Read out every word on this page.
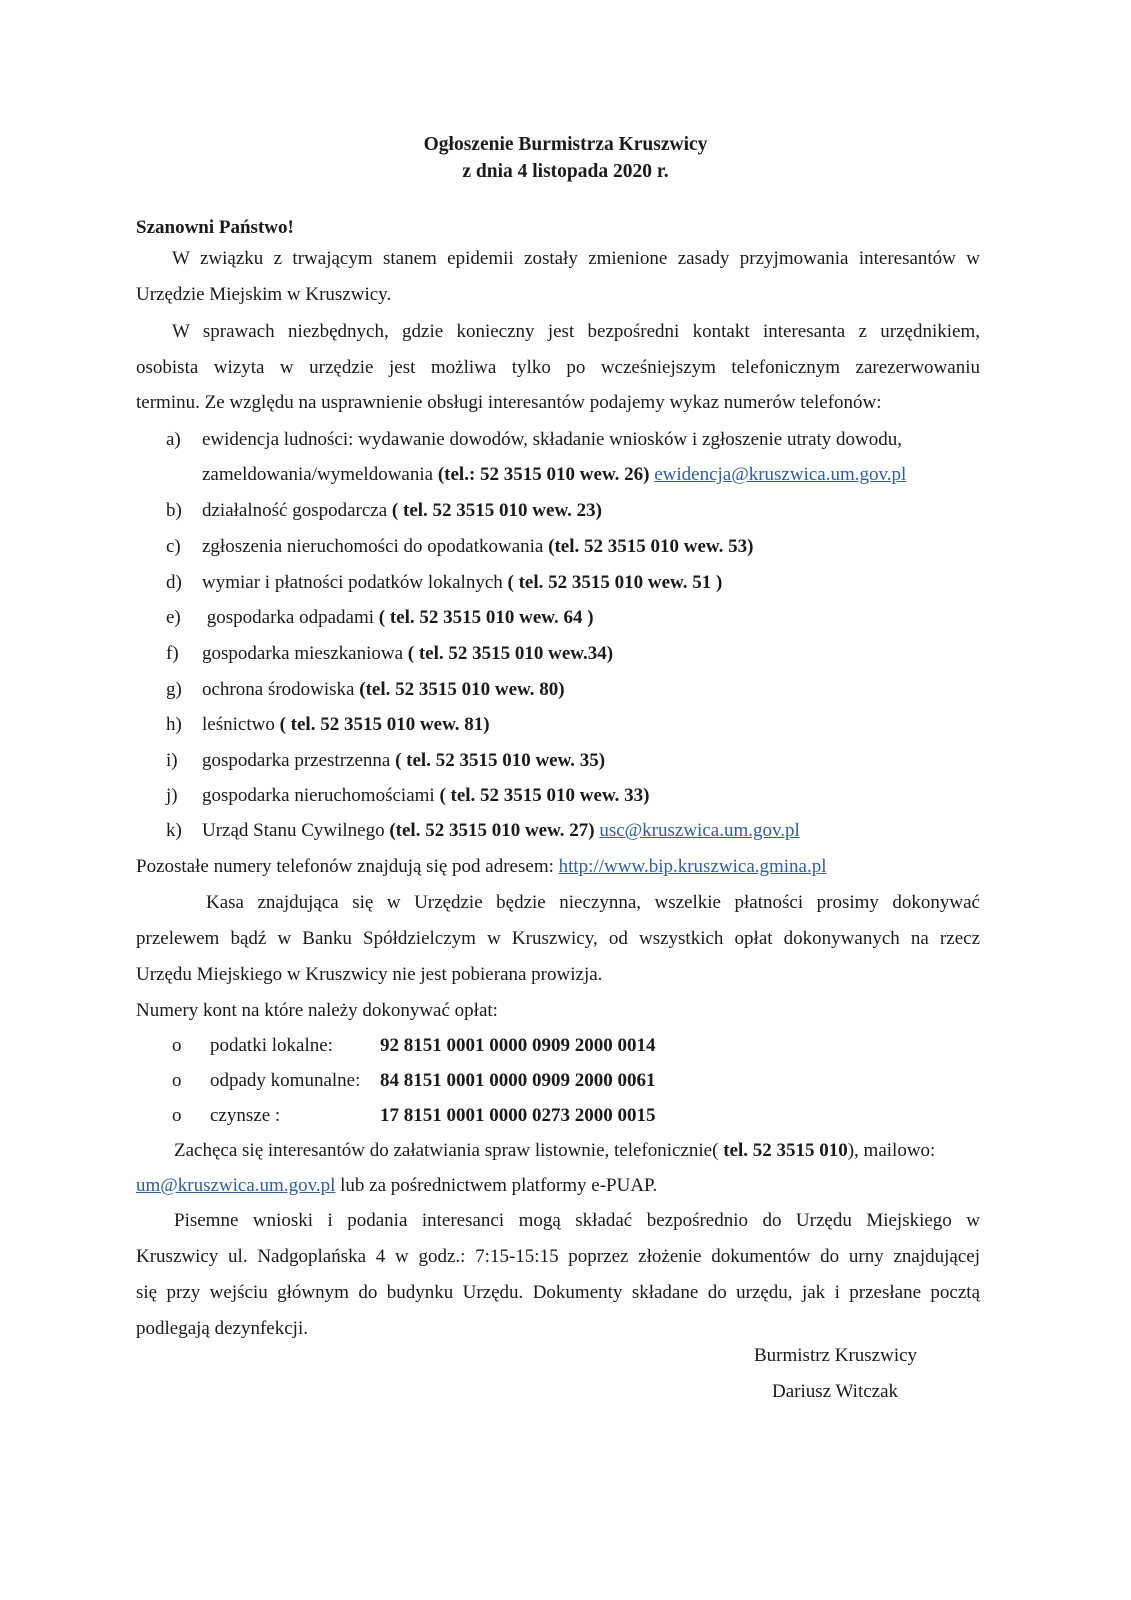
Ogłoszenie Burmistrza Kruszwicy
z dnia 4 listopada 2020 r.
Szanowni Państwo!
W związku z trwającym stanem epidemii zostały zmienione zasady przyjmowania interesantów w
Urzędzie Miejskim w Kruszwicy.
W sprawach niezbędnych, gdzie konieczny jest bezpośredni kontakt interesanta z urzędnikiem,
osobista wizyta w urzędzie jest możliwa tylko po wcześniejszym telefonicznym zarezerwowaniu
terminu. Ze względu na usprawnienie obsługi interesantów podajemy wykaz numerów telefonów:
a) ewidencja ludności: wydawanie dowodów, składanie wniosków i zgłoszenie utraty dowodu,
zameldowania/wymeldowania (tel.: 52 3515 010 wew. 26) ewidencja@kruszwica.um.gov.pl
b) działalność gospodarcza ( tel. 52 3515 010 wew. 23)
c) zgłoszenia nieruchomości do opodatkowania (tel. 52 3515 010 wew. 53)
d) wymiar i płatności podatków lokalnych ( tel. 52 3515 010 wew. 51 )
e) gospodarka odpadami ( tel. 52 3515 010 wew. 64 )
f) gospodarka mieszkaniowa ( tel. 52 3515 010 wew.34)
g) ochrona środowiska (tel. 52 3515 010 wew. 80)
h) leśnictwo ( tel. 52 3515 010 wew. 81)
i) gospodarka przestrzenna ( tel. 52 3515 010 wew. 35)
j) gospodarka nieruchomościami ( tel. 52 3515 010 wew. 33)
k) Urząd Stanu Cywilnego (tel. 52 3515 010 wew. 27) usc@kruszwica.um.gov.pl
Pozostałe numery telefonów znajdują się pod adresem: http://www.bip.kruszwica.gmina.pl
Kasa znajdująca się w Urzędzie będzie nieczynna, wszelkie płatności prosimy dokonywać
przelewem bądź w Banku Spółdzielczym w Kruszwicy, od wszystkich opłat dokonywanych na rzecz
Urzędu Miejskiego w Kruszwicy nie jest pobierana prowizja.
Numery kont na które należy dokonywać opłat:
o podatki lokalne: 92 8151 0001 0000 0909 2000 0014
o odpady komunalne: 84 8151 0001 0000 0909 2000 0061
o czynsze :	17 8151 0001 0000 0273 2000 0015
Zachęca się interesantów do załatwiania spraw listownie, telefonicznie( tel. 52 3515 010), mailowo:
um@kruszwica.um.gov.pl lub za pośrednictwem platformy e-PUAP.
Pisemne wnioski i podania interesanci mogą składać bezpośrednio do Urzędu Miejskiego w
Kruszwicy ul. Nadgoplańska 4 w godz.: 7:15-15:15 poprzez złożenie dokumentów do urny znajdującej
się przy wejściu głównym do budynku Urzędu. Dokumenty składane do urzędu, jak i przesłane pocztą
podlegają dezynfekcji.
Burmistrz Kruszwicy
Dariusz Witczak
